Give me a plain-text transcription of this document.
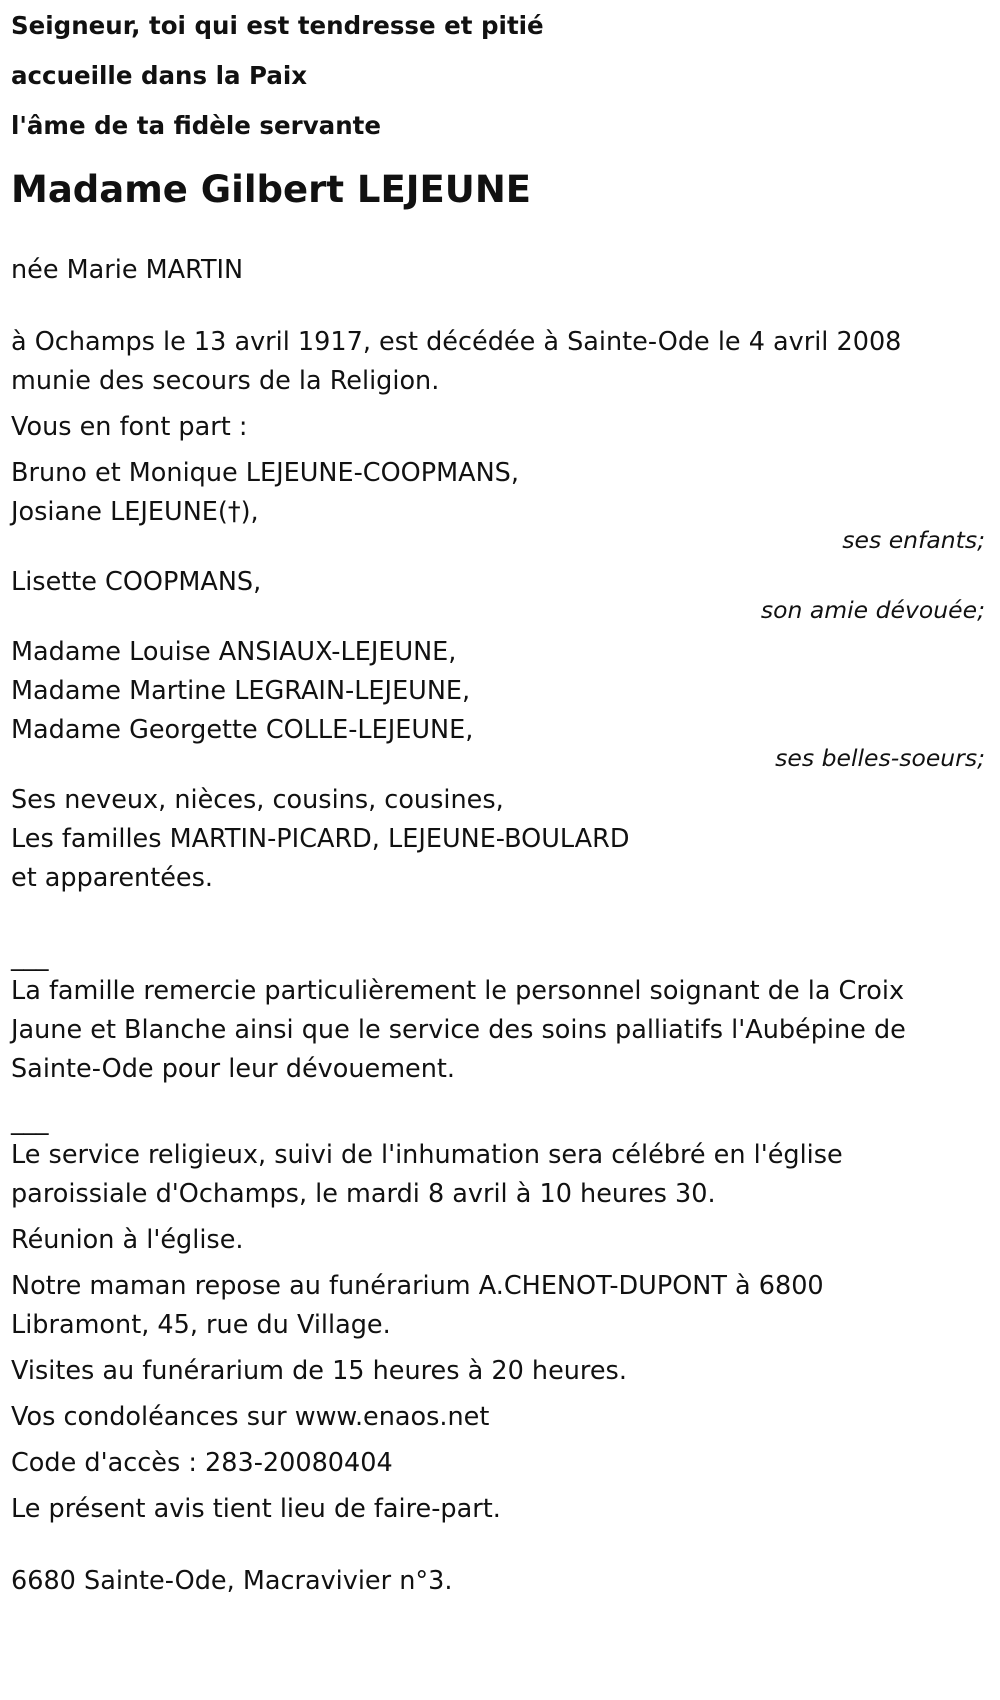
Seigneur, toi qui est tendresse et pitié
accueille dans la Paix
l'âme de ta fidèle servante
Madame Gilbert LEJEUNE
née Marie MARTIN
à Ochamps le 13 avril 1917, est décédée à Sainte-Ode le 4 avril 2008
munie des secours de la Religion.
Vous en font part :
Bruno et Monique LEJEUNE-COOPMANS,
Josiane LEJEUNE(†),
ses enfants;
Lisette COOPMANS,
son amie dévouée;
Madame Louise ANSIAUX-LEJEUNE,
Madame Martine LEGRAIN-LEJEUNE,
Madame Georgette COLLE-LEJEUNE,
ses belles-soeurs;
Ses neveux, nièces, cousins, cousines,
Les familles MARTIN-PICARD, LEJEUNE-BOULARD
et apparentées.
___
La famille remercie particulièrement le personnel soignant de la Croix
Jaune et Blanche ainsi que le service des soins palliatifs l'Aubépine de
Sainte-Ode pour leur dévouement.
___
Le service religieux, suivi de l'inhumation sera célébré en l'église
paroissiale d'Ochamps, le mardi 8 avril à 10 heures 30.
Réunion à l'église.
Notre maman repose au funérarium A.CHENOT-DUPONT à 6800
Libramont, 45, rue du Village.
Visites au funérarium de 15 heures à 20 heures.
Vos condoléances sur www.enaos.net
Code d'accès : 283-20080404
Le présent avis tient lieu de faire-part.
6680 Sainte-Ode, Macravivier n°3.
